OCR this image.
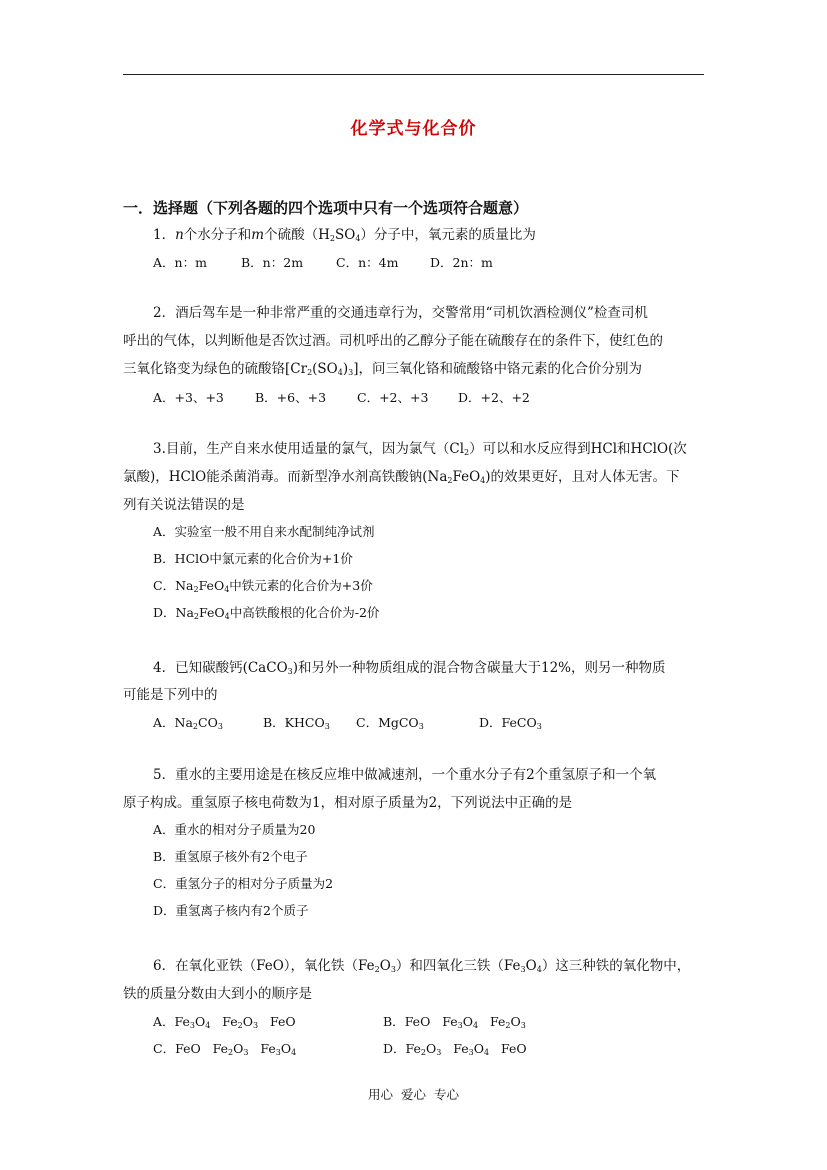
化学式与化合价
一．选择题（下列各题的四个选项中只有一个选项符合题意）
1．n个水分子和m个硫酸$(H_2SO_4)$分子中，氧元素的质量比为
A．n：m	B．n：2m	C．n：4m	D．2n：m
2．酒后驾车是一种非常严重的交通违章行为，交警常用“司机饮酒检测仪”检查司机
呼出的气体，以判断他是否饮过酒。司机呼出的乙醇分子能在硫酸存在的条件下，使红色的
三氧化铬变为绿色的硫酸铬$[Cr_2(SO_4)_3]$，问三氧化铬和硫酸铬中铬元素的化合价分别为
A．+3、+3 B．+6、+3 C．+2、+3 D．+2、+2
3.目前，生产自来水使用适量的氯气，因为氯气$(Cl_2)$可以和水反应得到HCl和HClO(次
氯酸)，HClO能杀菌消毒。而新型净水剂高铁酸钠$(Na_2FeO_4)$的效果更好，且对人体无害。下
列有关说法错误的是
A．实验室一般不用自来水配制纯净试剂
B．HClO中氯元素的化合价为+1价
C．$Na_2FeO_4$中铁元素的化合价为+3价
D．$Na_2FeO_4$中高铁酸根的化合价为-2价
4．已知碳酸钙(CaCO$_3$)和另外一种物质组成的混合物含碳量大于12%，则另一种物质
可能是下列中的
A．$Na_2CO_3$	B．$KHCO_3$ C．MgCO$_3$	D．FeCO$_3$
5．重水的主要用途是在核反应堆中做减速剂，一个重水分子有2个重氢原子和一个氧
原子构成。重氢原子核电荷数为1，相对原子质量为2，下列说法中正确的是
A．重水的相对分子质量为20
B．重氢原子核外有2个电子
C．重氢分子的相对分子质量为2
D．重氢离子核内有2个质子
6．在氧化亚铁（FeO），氧化铁$(Fe_2O_3)$和四氧化三铁$(Fe_3O_4)$这三种铁的氧化物中，
铁的质量分数由大到小的顺序是
A．$Fe_3O_4$ $Fe_2O_3$ FeO	B．FeO $Fe_3O_4$ $Fe_2O_3$
C．FeO $Fe_2O_3$ $Fe_3O_4$	D．$Fe_2O_3$ $Fe_3O_4$ FeO
用心  爱心  专心
